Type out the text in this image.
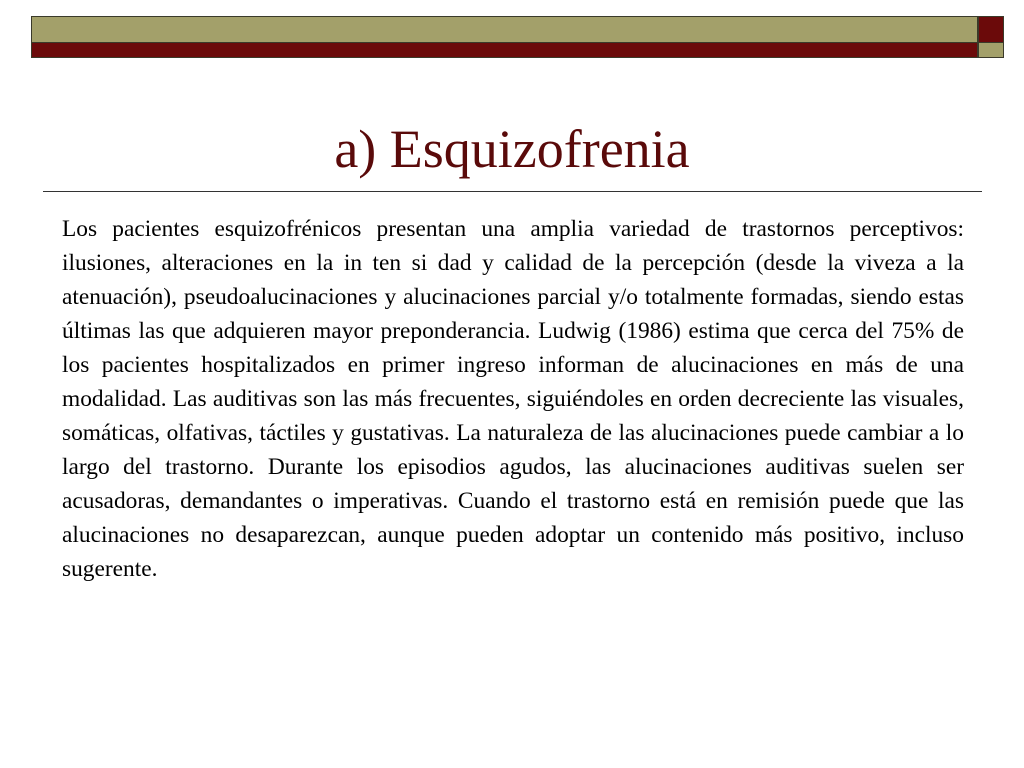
a) Esquizofrenia

Los pacientes esquizofrénicos presentan una amplia variedad de trastornos perceptivos: ilusiones, alteraciones en la in ten si dad y calidad de la percepción (desde la viveza a la atenuación), pseudoalucinaciones y alucinaciones parcial y/o totalmente formadas, siendo estas últimas las que adquieren mayor preponderancia. Ludwig (1986) estima que cerca del 75% de los pacientes hospitalizados en primer ingreso informan de alucinaciones en más de una modalidad. Las auditivas son las más frecuentes, siguiéndoles en orden decreciente las visuales, somáticas, olfativas, táctiles y gustativas. La naturaleza de las alucinaciones puede cambiar a lo largo del trastorno. Durante los episodios agudos, las alucinaciones auditivas suelen ser acusadoras, demandantes o imperativas. Cuando el trastorno está en remisión puede que las alucinaciones no desaparezcan, aunque pueden adoptar un contenido más positivo, incluso sugerente.
